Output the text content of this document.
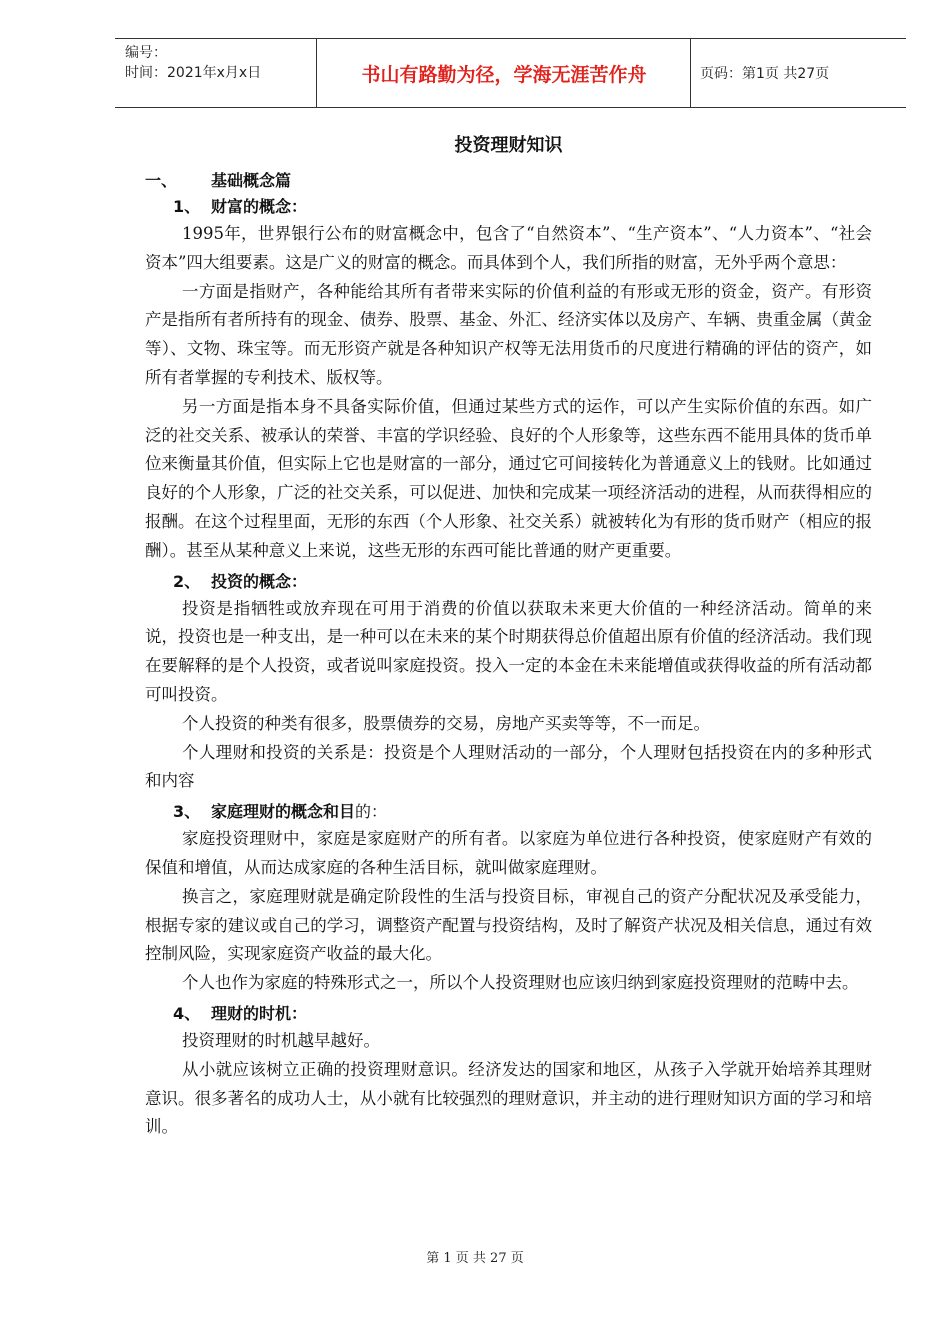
编号：
时间：2021年x月x日	书山有路勤为径，学海无涯苦作舟	页码：第1页 共27页
投资理财知识
一、 基础概念篇
1、 财富的概念：

1995年，世界银行公布的财富概念中，包含了“自然资本”、“生产资本”、“人力资本”、“社会资本”四大组要素。这是广义的财富的概念。而具体到个人，我们所指的财富，无外乎两个意思：

一方面是指财产，各种能给其所有者带来实际的价值利益的有形或无形的资金，资产。有形资产是指所有者所持有的现金、债券、股票、基金、外汇、经济实体以及房产、车辆、贵重金属（黄金等）、文物、珠宝等。而无形资产就是各种知识产权等无法用货币的尺度进行精确的评估的资产，如所有者掌握的专利技术、版权等。

另一方面是指本身不具备实际价值，但通过某些方式的运作，可以产生实际价值的东西。如广泛的社交关系、被承认的荣誉、丰富的学识经验、良好的个人形象等，这些东西不能用具体的货币单位来衡量其价值，但实际上它也是财富的一部分，通过它可间接转化为普通意义上的钱财。比如通过良好的个人形象，广泛的社交关系，可以促进、加快和完成某一项经济活动的进程，从而获得相应的报酬。在这个过程里面，无形的东西（个人形象、社交关系）就被转化为有形的货币财产（相应的报酬）。甚至从某种意义上来说，这些无形的东西可能比普通的财产更重要。

2、 投资的概念：

投资是指牺牲或放弃现在可用于消费的价值以获取未来更大价值的一种经济活动。简单的来说，投资也是一种支出，是一种可以在未来的某个时期获得总价值超出原有价值的经济活动。我们现在要解释的是个人投资，或者说叫家庭投资。投入一定的本金在未来能增值或获得收益的所有活动都可叫投资。

个人投资的种类有很多，股票债券的交易，房地产买卖等等，不一而足。

个人理财和投资的关系是：投资是个人理财活动的一部分，个人理财包括投资在内的多种形式和内容

3、 家庭理财的概念和目的：

家庭投资理财中，家庭是家庭财产的所有者。以家庭为单位进行各种投资，使家庭财产有效的保值和增值，从而达成家庭的各种生活目标，就叫做家庭理财。

换言之，家庭理财就是确定阶段性的生活与投资目标，审视自己的资产分配状况及承受能力，根据专家的建议或自己的学习，调整资产配置与投资结构，及时了解资产状况及相关信息，通过有效控制风险，实现家庭资产收益的最大化。

个人也作为家庭的特殊形式之一，所以个人投资理财也应该归纳到家庭投资理财的范畴中去。

4、 理财的时机：

投资理财的时机越早越好。

从小就应该树立正确的投资理财意识。经济发达的国家和地区，从孩子入学就开始培养其理财意识。很多著名的成功人士，从小就有比较强烈的理财意识，并主动的进行理财知识方面的学习和培训。

第 1 页 共 27 页
